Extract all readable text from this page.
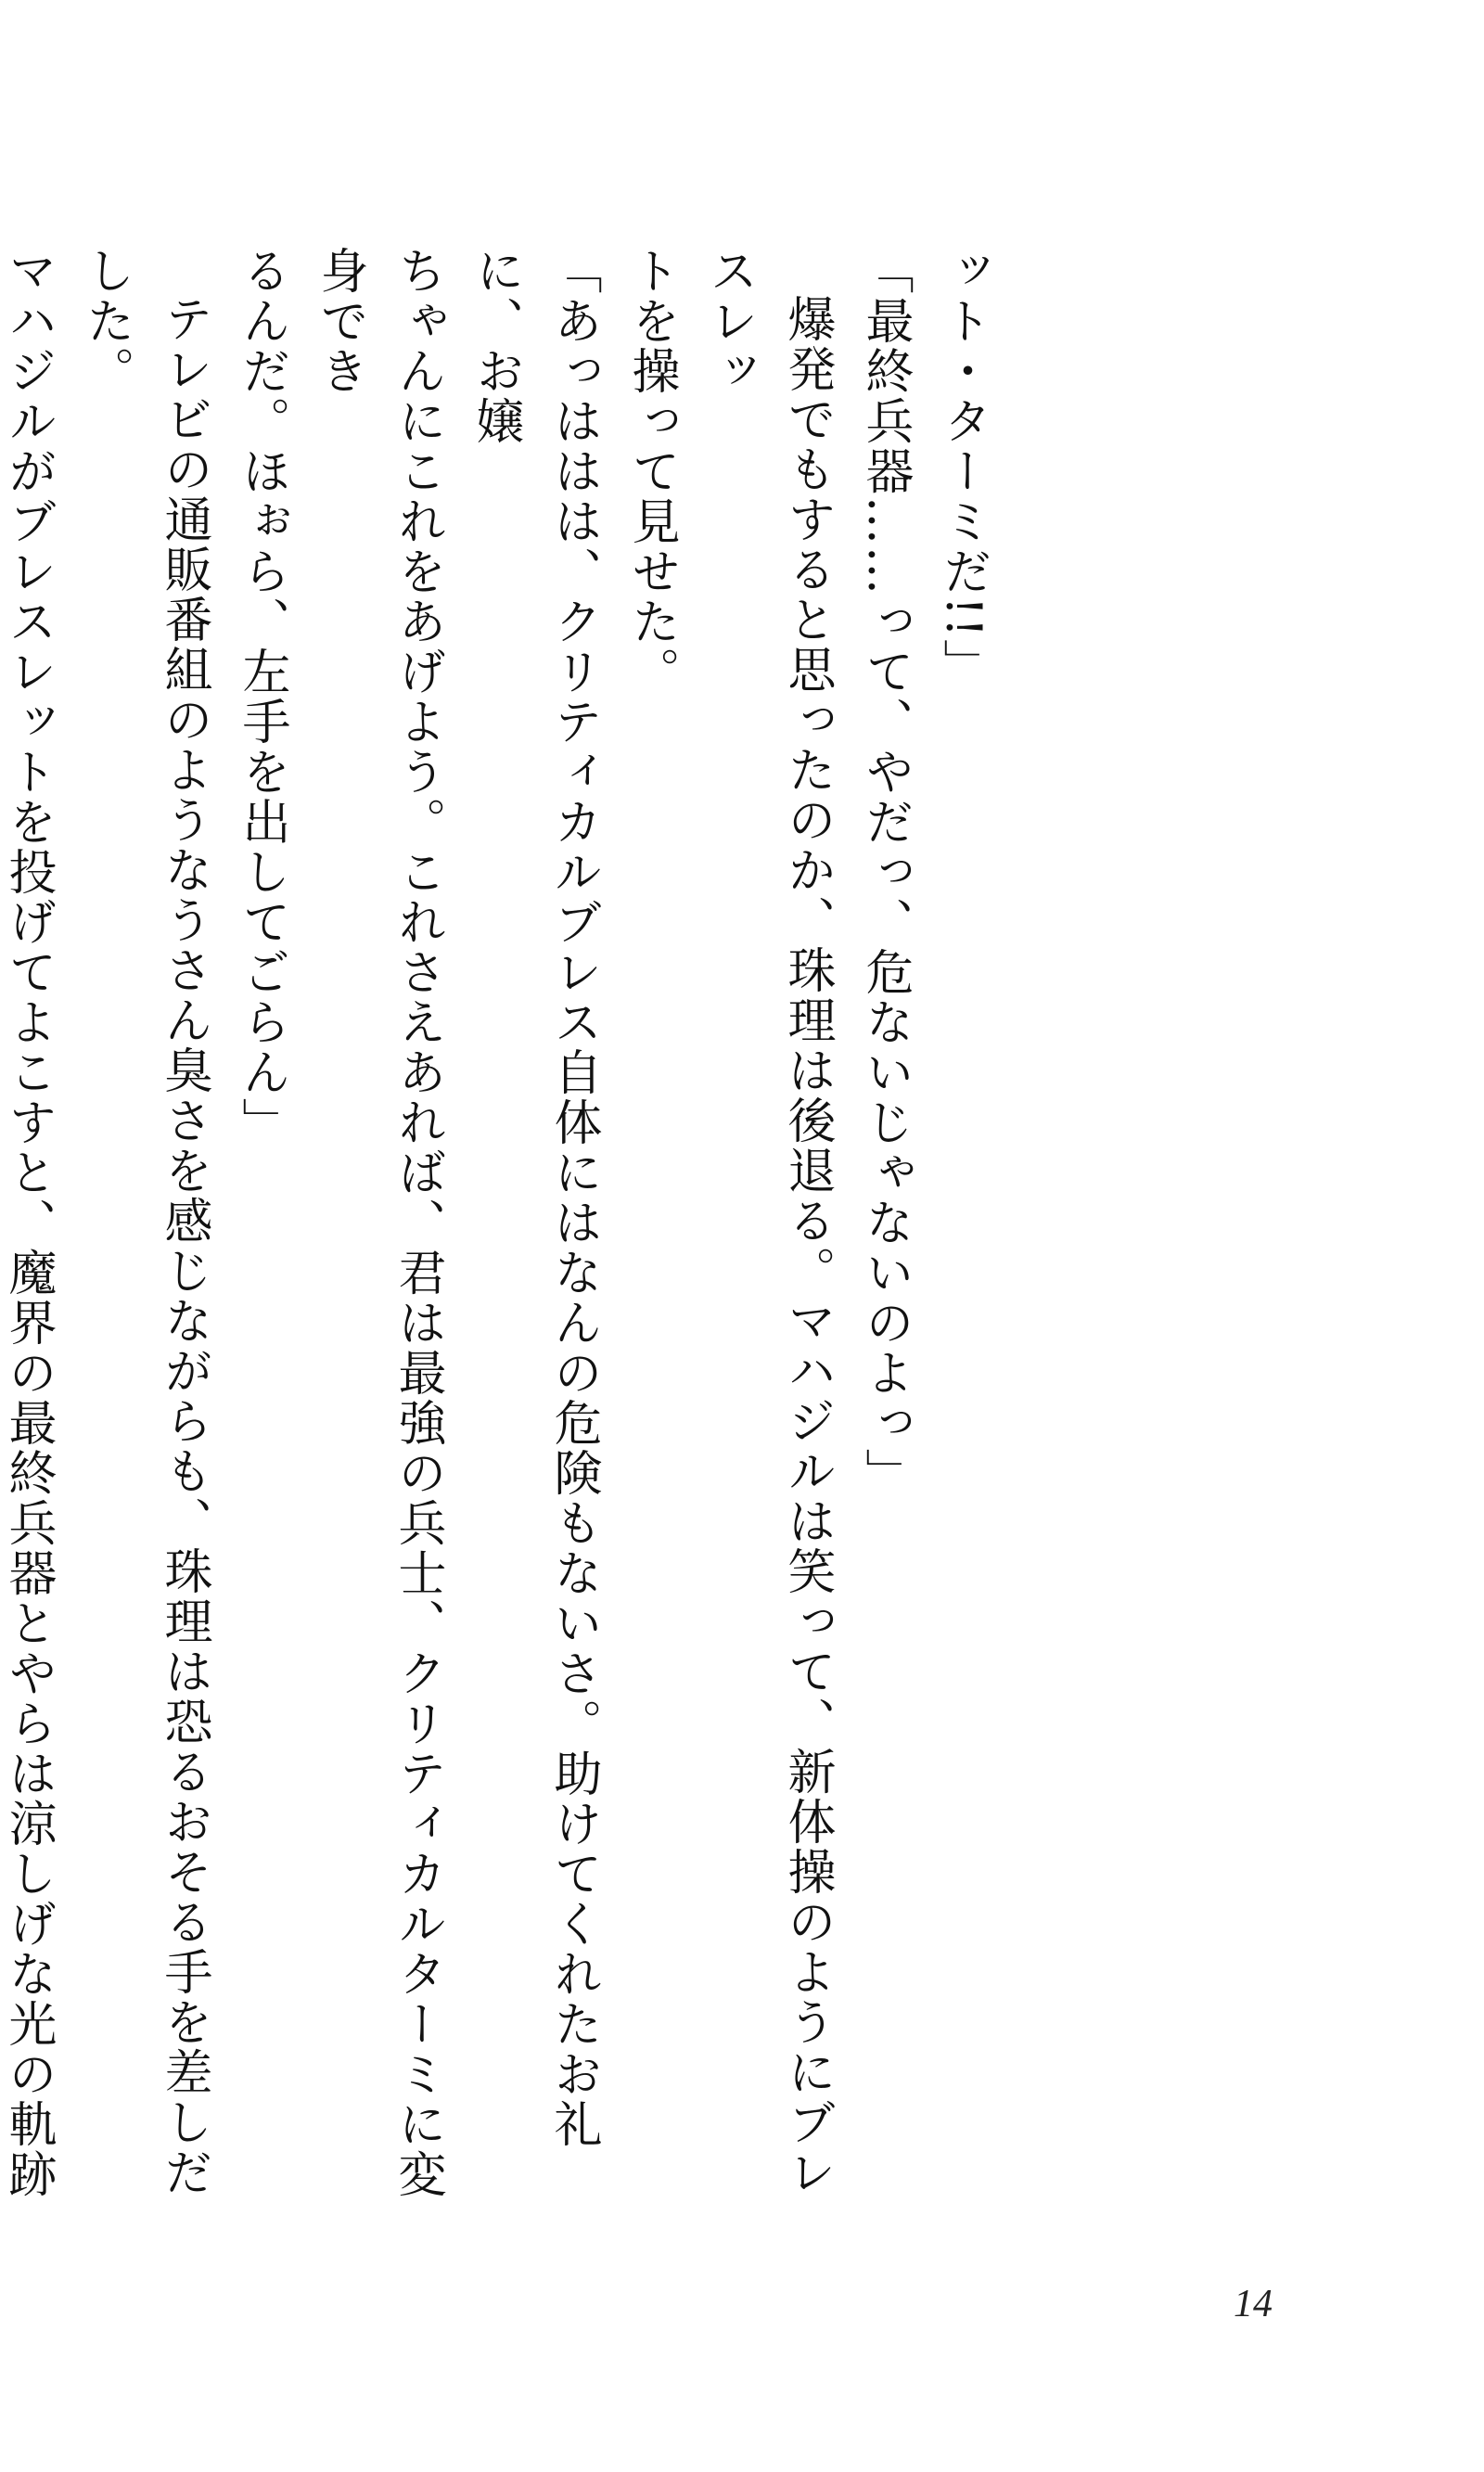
ット・ターミだ!!」

「最終兵器……って、やだっ、危ないじゃないのよっ」

爆発でもすると思ったのか、珠理は後退る。マハジルは笑って、新体操のようにブレスレッ

トを操って見せた。

「あっははは、クリティカルブレス自体にはなんの危険もないさ。助けてくれたお礼に、お嬢

ちゃんにこれをあげよう。これさえあれば、君は最強の兵士、クリティカルターミに変身でき

るんだ。ほぉら、左手を出してごらん」

テレビの通販番組のようなうさん臭さを感じながらも、珠理は恐るおそる手を差しだした。

マハジルがブレスレットを投げてよこすと、魔界の最終兵器とやらは涼しげな光の軌跡

14
